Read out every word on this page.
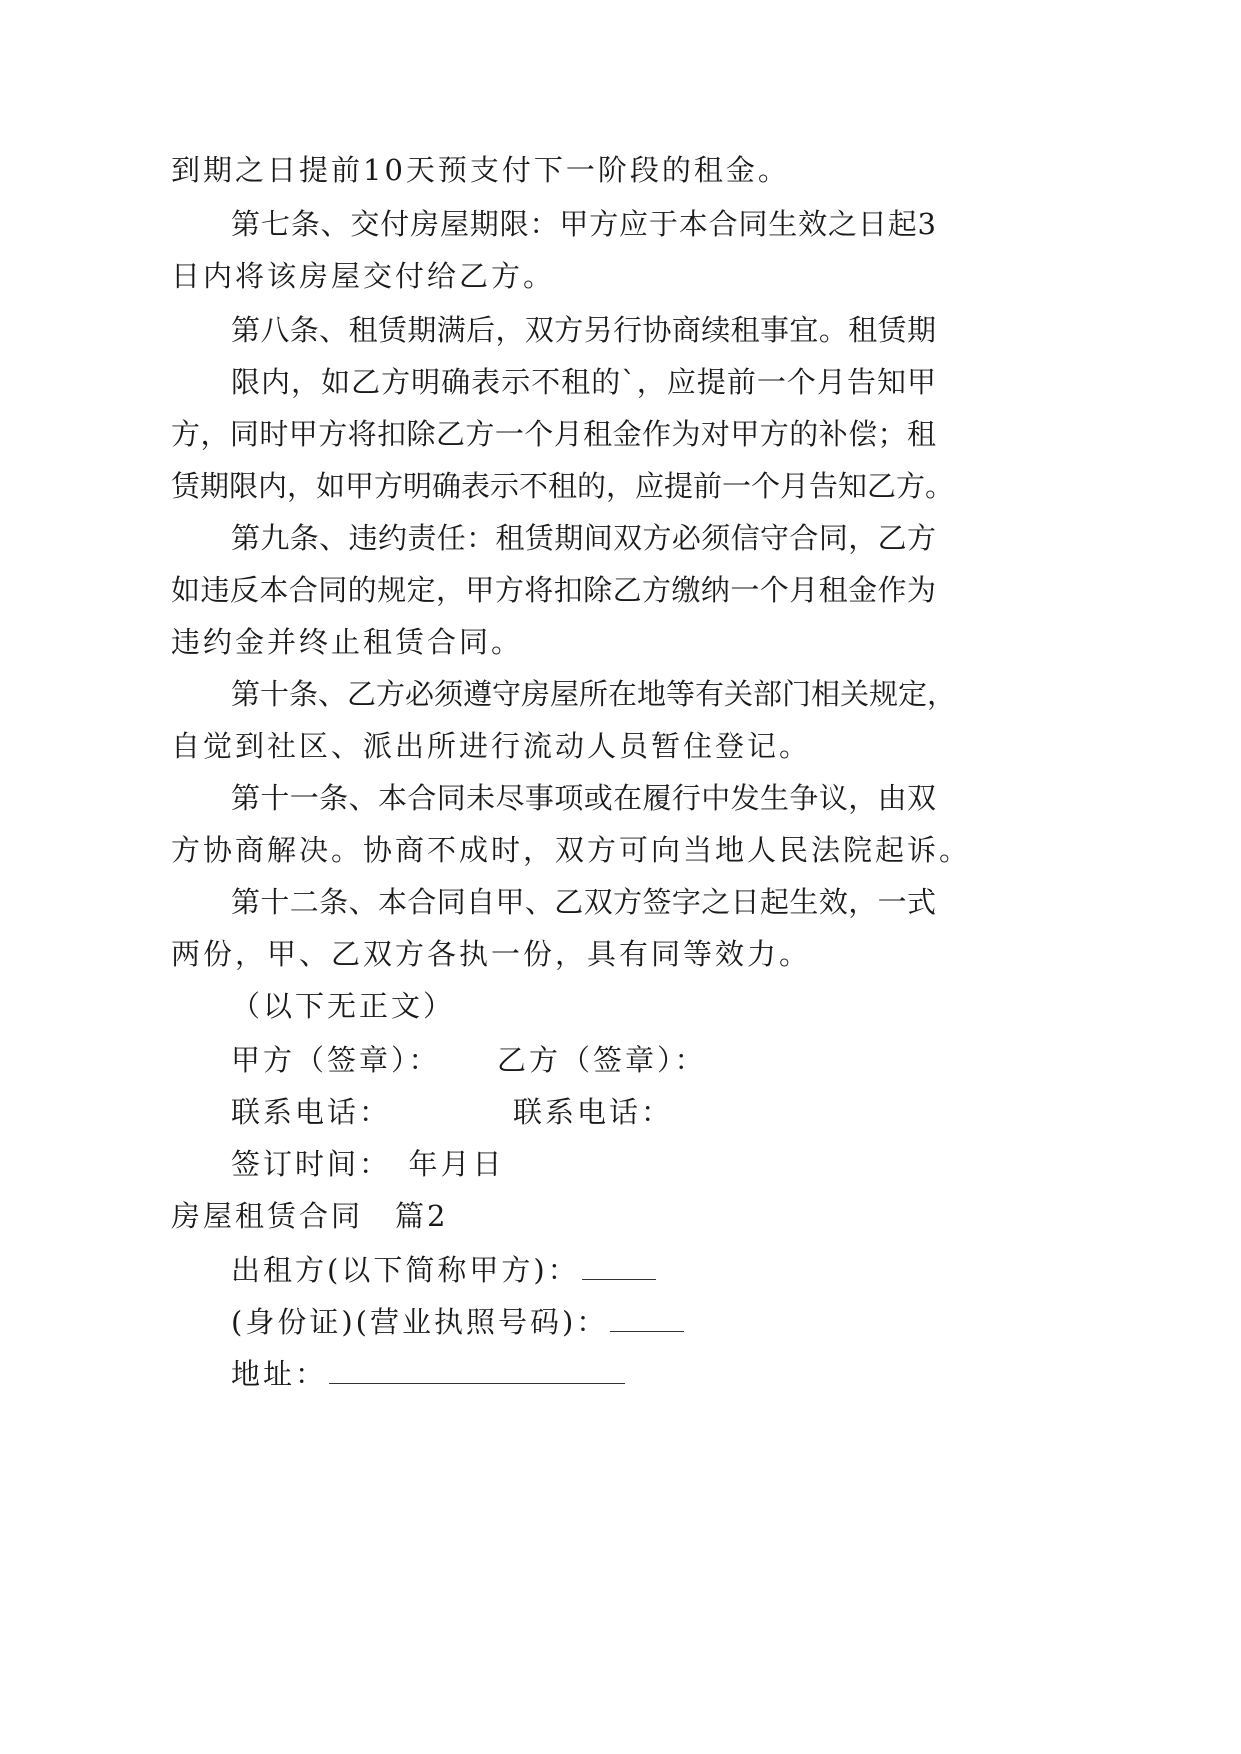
到期之日提前10天预支付下一阶段的租金。
第七条、交付房屋期限：甲方应于本合同生效之日起3
日内将该房屋交付给乙方。
第八条、租赁期满后，双方另行协商续租事宜。租赁期
限内，如乙方明确表示不租的`，应提前一个月告知甲
方，同时甲方将扣除乙方一个月租金作为对甲方的补偿；租
赁期限内，如甲方明确表示不租的，应提前一个月告知乙方。
第九条、违约责任：租赁期间双方必须信守合同，乙方
如违反本合同的规定，甲方将扣除乙方缴纳一个月租金作为
违约金并终止租赁合同。
第十条、乙方必须遵守房屋所在地等有关部门相关规定，
自觉到社区、派出所进行流动人员暂住登记。
第十一条、本合同未尽事项或在履行中发生争议，由双
方协商解决。协商不成时，双方可向当地人民法院起诉。
第十二条、本合同自甲、乙双方签字之日起生效，一式
两份，甲、乙双方各执一份，具有同等效力。
（以下无正文）
甲方（签章）： 乙方（签章）：
联系电话：	联系电话：
签订时间：　年月日
房屋租赁合同　篇2
出租方(以下简称甲方)：
(身份证)(营业执照号码)：
地址：
